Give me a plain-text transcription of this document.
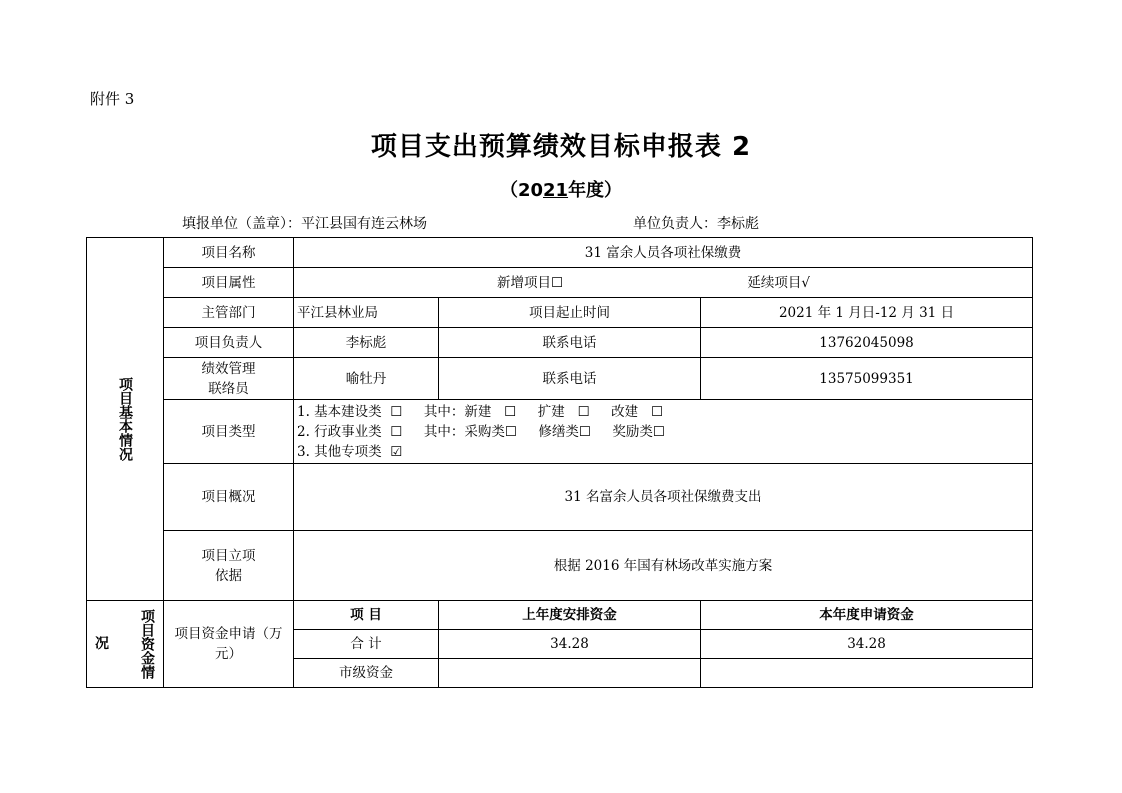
附件 3
项目支出预算绩效目标申报表 2
（2021年度）
填报单位（盖章）：平江县国有连云林场	单位负责人：李标彪
项目基本情况	项目名称	31 富余人员各项社保缴费		
	项目属性	新增项目☐ 延续项目√		
	主管部门	平江县林业局	项目起止时间	2021 年 1 月日-12 月 31 日
	项目负责人	李标彪	联系电话	13762045098

	绩效管理
联络员	喻牡丹	联系电话	13575099351
	项目类型	1. 基本建设类  ☐     其中：新建   ☐     扩建   ☐     改建   ☐
2. 行政事业类  ☐     其中：采购类☐     修缮类☐     奖励类☐
3. 其他专项类  ☑		

	项目概况	31 名富余人员各项社保缴费支出		

	项目立项
依据	根据 2016 年国有林场改革实施方案		

况 项目资金情	项目资金申请（万元）	项 目	上年度安排资金	本年度申请资金
		合 计	34.28	34.28
		市级资金		
